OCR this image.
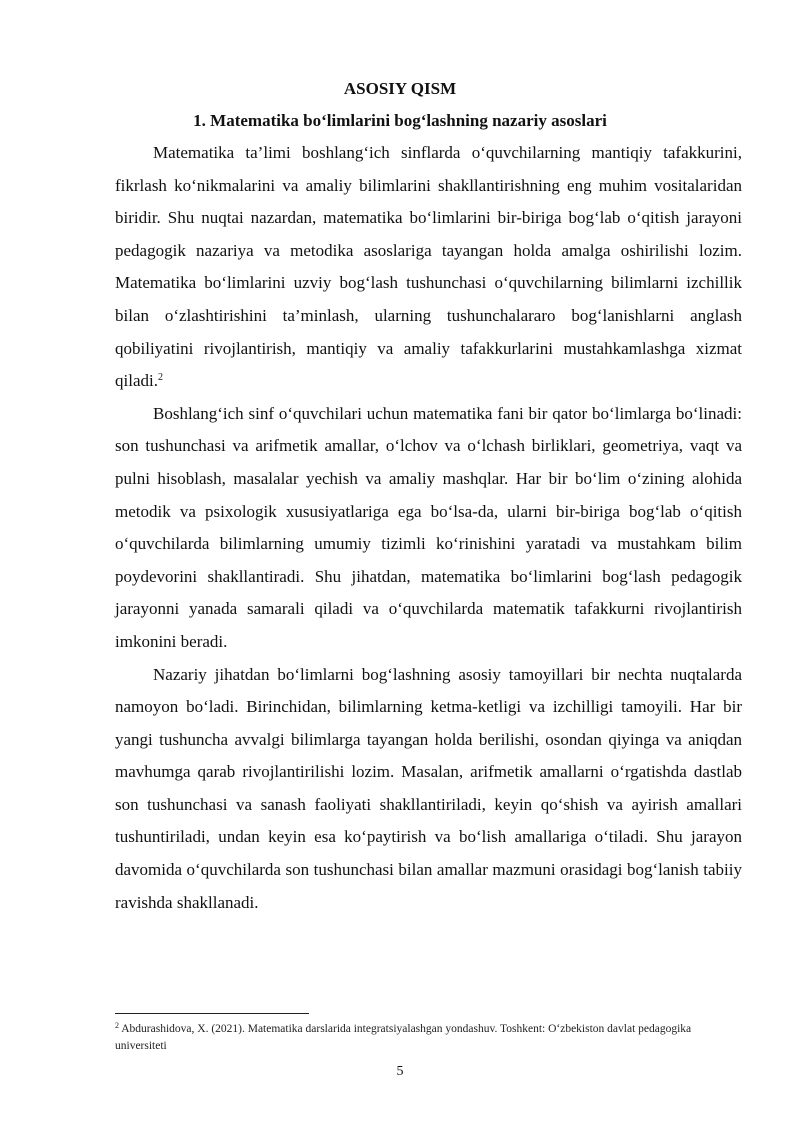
ASOSIY QISM
1. Matematika bo‘limlarini bog‘lashning nazariy asoslari

Matematika ta’limi boshlang‘ich sinflarda o‘quvchilarning mantiqiy tafakkurini, fikrlash ko‘nikmalarini va amaliy bilimlarini shakllantirishning eng muhim vositalaridan biridir. Shu nuqtai nazardan, matematika bo‘limlarini bir-biriga bog‘lab o‘qitish jarayoni pedagogik nazariya va metodika asoslariga tayangan holda amalga oshirilishi lozim. Matematika bo‘limlarini uzviy bog‘lash tushunchasi o‘quvchilarning bilimlarni izchillik bilan o‘zlashtirishini ta’minlash, ularning tushunchalararo bog‘lanishlarni anglash qobiliyatini rivojlantirish, mantiqiy va amaliy tafakkurlarini mustahkamlashga xizmat qiladi.$^2$

Boshlang‘ich sinf o‘quvchilari uchun matematika fani bir qator bo‘limlarga bo‘linadi: son tushunchasi va arifmetik amallar, o‘lchov va o‘lchash birliklari, geometriya, vaqt va pulni hisoblash, masalalar yechish va amaliy mashqlar. Har bir bo‘lim o‘zining alohida metodik va psixologik xususiyatlariga ega bo‘lsa-da, ularni bir-biriga bog‘lab o‘qitish o‘quvchilarda bilimlarning umumiy tizimli ko‘rinishini yaratadi va mustahkam bilim poydevorini shakllantiradi. Shu jihatdan, matematika bo‘limlarini bog‘lash pedagogik jarayonni yanada samarali qiladi va o‘quvchilarda matematik tafakkurni rivojlantirish imkonini beradi.

Nazariy jihatdan bo‘limlarni bog‘lashning asosiy tamoyillari bir nechta nuqtalarda namoyon bo‘ladi. Birinchidan, bilimlarning ketma-ketligi va izchilligi tamoyili. Har bir yangi tushuncha avvalgi bilimlarga tayangan holda berilishi, osondan qiyinga va aniqdan mavhumga qarab rivojlantirilishi lozim. Masalan, arifmetik amallarni o‘rgatishda dastlab son tushunchasi va sanash faoliyati shakllantiriladi, keyin qo‘shish va ayirish amallari tushuntiriladi, undan keyin esa ko‘paytirish va bo‘lish amallariga o‘tiladi. Shu jarayon davomida o‘quvchilarda son tushunchasi bilan amallar mazmuni orasidagi bog‘lanish tabiiy ravishda shakllanadi.

$^2$ Abdurashidova, X. (2021). Matematika darslarida integratsiyalashgan yondashuv. Toshkent: O‘zbekiston davlat pedagogika universiteti
5
